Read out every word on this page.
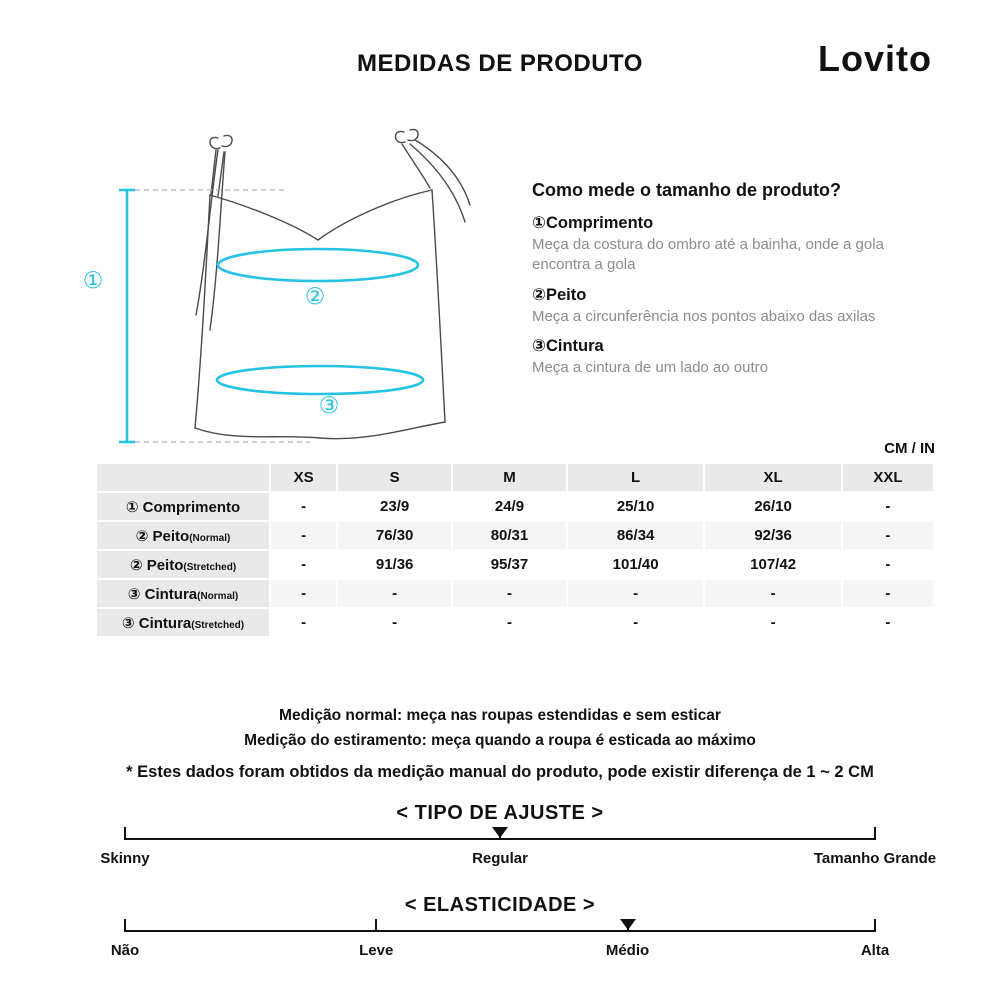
MEDIDAS DE PRODUTO	Lovito
①
②
③
Como mede o tamanho de produto?
①Comprimento
Meça da costura do ombro até a bainha, onde a gola encontra a gola
②Peito
Meça a circunferência nos pontos abaixo das axilas
③Cintura
Meça a cintura de um lado ao outro
CM / IN
	XS	S	M	L	XL	XXL
① Comprimento	-	23/9	24/9	25/10	26/10	-
② Peito(Normal)	-	76/30	80/31	86/34	92/36	-
② Peito(Stretched)	-	91/36	95/37	101/40	107/42	-
③ Cintura(Normal)	-	-	-	-	-	-
③ Cintura(Stretched)	-	-	-	-	-	-
Medição normal: meça nas roupas estendidas e sem esticar
Medição do estiramento: meça quando a roupa é esticada ao máximo
* Estes dados foram obtidos da medição manual do produto, pode existir diferença de 1 ~ 2 CM
< TIPO DE AJUSTE >
Skinny	Regular	Tamanho Grande
< ELASTICIDADE >
Não	Leve	Médio	Alta
